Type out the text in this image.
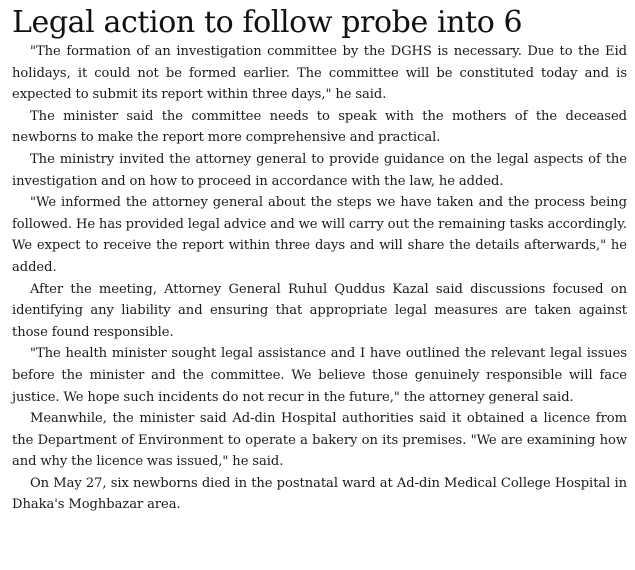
Legal action to follow probe into 6

"The formation of an investigation committee by the DGHS is necessary. Due to the Eid holidays, it could not be formed earlier. The committee will be constituted today and is expected to submit its report within three days," he said.

The minister said the committee needs to speak with the mothers of the deceased newborns to make the report more comprehensive and practical.

The ministry invited the attorney general to provide guidance on the legal aspects of the investigation and on how to proceed in accordance with the law, he added.

"We informed the attorney general about the steps we have taken and the process being followed. He has provided legal advice and we will carry out the remaining tasks accordingly. We expect to receive the report within three days and will share the details afterwards," he added.

After the meeting, Attorney General Ruhul Quddus Kazal said discussions focused on identifying any liability and ensuring that appropriate legal measures are taken against those found responsible.

"The health minister sought legal assistance and I have outlined the relevant legal issues before the minister and the committee. We believe those genuinely responsible will face justice. We hope such incidents do not recur in the future," the attorney general said.

Meanwhile, the minister said Ad-din Hospital authorities said it obtained a licence from the Department of Environment to operate a bakery on its premises. "We are examining how and why the licence was issued," he said.

On May 27, six newborns died in the postnatal ward at Ad-din Medical College Hospital in Dhaka's Moghbazar area.
